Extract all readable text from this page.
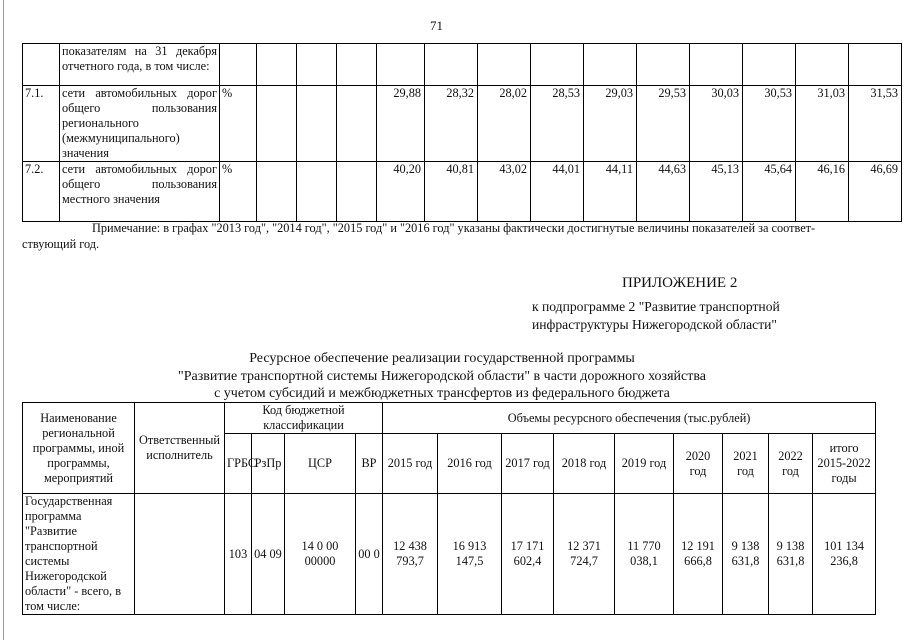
71
	показателям на 31 декабря отчетного года, в том числе:														
7.1.	сети автомобильных дорог общего пользования регионального (межмуниципального) значения	%				29,88	28,32	28,02	28,53	29,03	29,53	30,03	30,53	31,03	31,53
7.2.	сети автомобильных дорог общего пользования местного значения	%				40,20	40,81	43,02	44,01	44,11	44,63	45,13	45,64	46,16	46,69
Примечание: в графах "2013 год", "2014 год", "2015 год" и "2016 год" указаны фактически достигнутые величины показателей за соответ-
ствующий год.
ПРИЛОЖЕНИЕ 2
к подпрограмме 2 "Развитие транспортной
инфраструктуры Нижегородской области"
Ресурсное обеспечение реализации государственной программы
"Развитие транспортной системы Нижегородской области" в части дорожного хозяйства
с учетом субсидий и межбюджетных трансфертов из федерального бюджета
Наименование региональной программы, иной программы, мероприятий	Ответственный исполнитель	Код бюджетной классификации				Объемы ресурсного обеспечения (тыс.рублей)								
		ГРБС	РзПр	ЦСР	ВР	2015 год	2016 год	2017 год	2018 год	2019 год	2020 год	2021 год	2022 год	итого 2015-2022 годы
Государственная программа "Развитие транспортной системы Нижегородской области" - всего, в том числе:		103	04 09	14 0 00 00000	00 0	12 438 793,7	16 913 147,5	17 171 602,4	12 371 724,7	11 770 038,1	12 191 666,8	9 138 631,8	9 138 631,8	101 134 236,8
